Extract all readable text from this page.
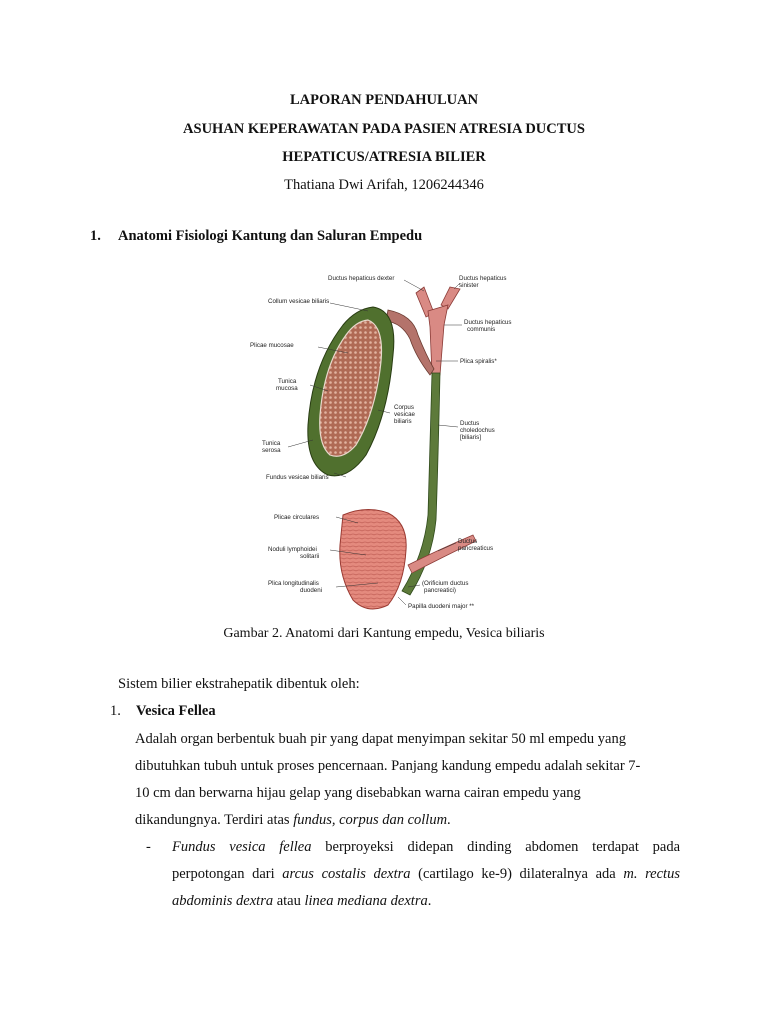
LAPORAN PENDAHULUAN
ASUHAN KEPERAWATAN PADA PASIEN ATRESIA DUCTUS
HEPATICUS/ATRESIA BILIER
Thatiana Dwi Arifah, 1206244346
1. Anatomi Fisiologi Kantung dan Saluran Empedu
Ductus hepaticus dexter	Ductus hepaticus
sinister
Collum vesicae biliaris
Plicae mucosae
Ductus hepaticus
communis
Plica spiralis*
Tunica
mucosa
Corpus
vesicae
biliaris	Ductus
choledochus
[biliaris]
Tunica
serosa
Fundus vesicae biliaris
Plicae circulares
Noduli lymphoidei
solitarii
Ductus
pancreaticus
Plica longitudinalis
duodeni
(Orificium ductus
pancreatici)
Papilla duodeni major **
Gambar 2. Anatomi dari Kantung empedu, Vesica biliaris
Sistem bilier ekstrahepatik dibentuk oleh:
1. Vesica Fellea
Adalah organ berbentuk buah pir yang dapat menyimpan sekitar 50 ml empedu yang
dibutuhkan tubuh untuk proses pencernaan. Panjang kandung empedu adalah sekitar 7-
10 cm dan berwarna hijau gelap yang disebabkan warna cairan empedu yang
dikandungnya. Terdiri atas fundus, corpus dan collum.
- Fundus vesica fellea berproyeksi didepan dinding abdomen terdapat pada
perpotongan dari arcus costalis dextra (cartilago ke-9) dilateralnya ada m. rectus
abdominis dextra atau linea mediana dextra.
